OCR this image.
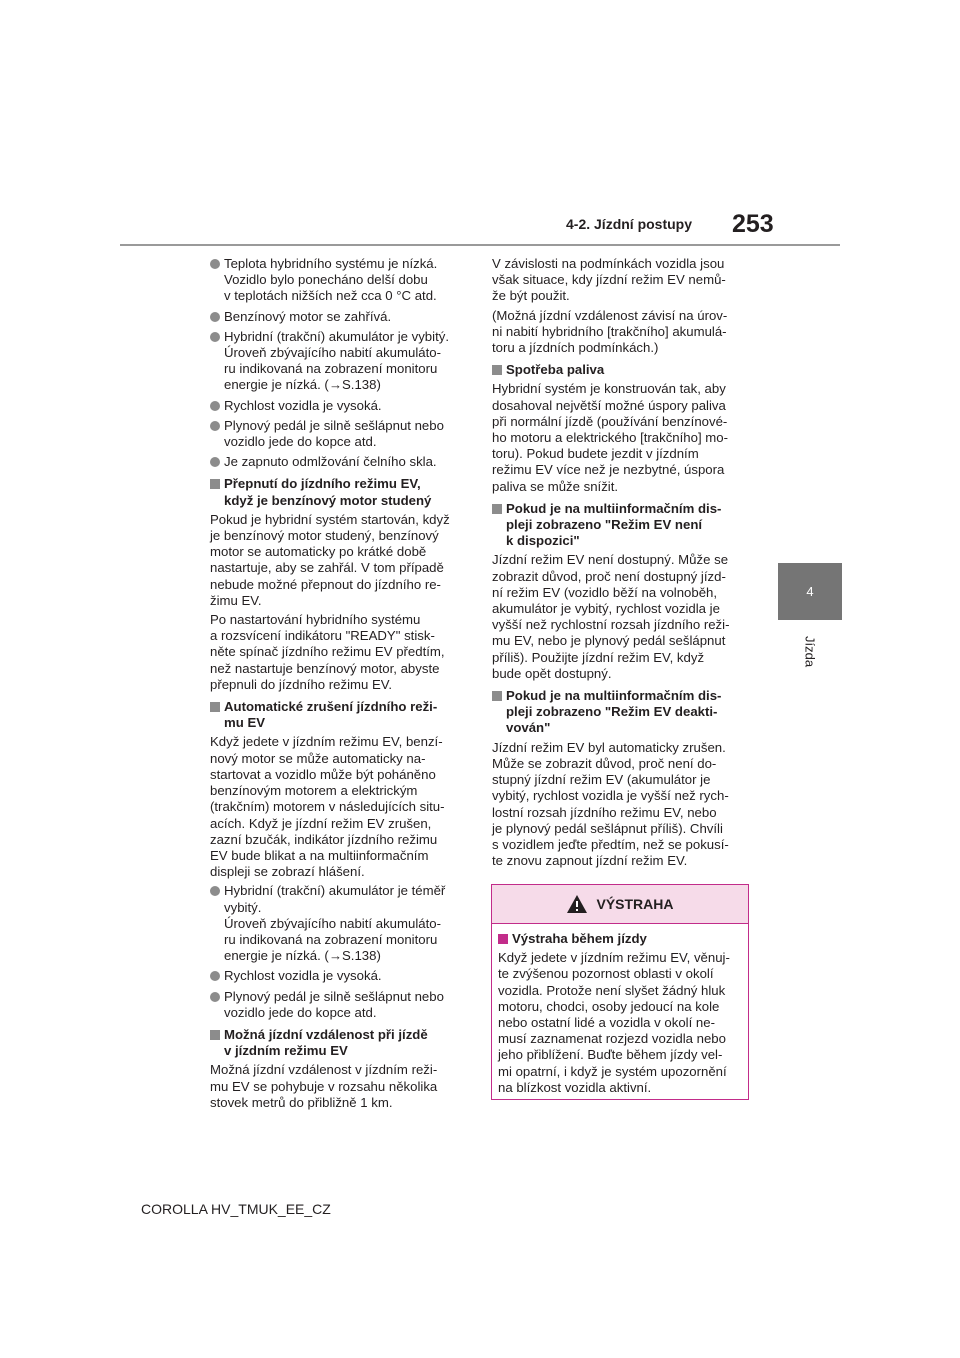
4-2. Jízdní postupy 253
4
Jízda
Teplota hybridního systému je nízká.
Vozidlo bylo ponecháno delší dobu
v teplotách nižších než cca 0 °C atd.
Benzínový motor se zahřívá.
Hybridní (trakční) akumulátor je vybitý.
Úroveň zbývajícího nabití akumuláto-
ru indikovaná na zobrazení monitoru
energie je nízká. (→S.138)
Rychlost vozidla je vysoká.
Plynový pedál je silně sešlápnut nebo
vozidlo jede do kopce atd.
Je zapnuto odmlžování čelního skla.
Přepnutí do jízdního režimu EV,
když je benzínový motor studený
Pokud je hybridní systém startován, když
je benzínový motor studený, benzínový
motor se automaticky po krátké době
nastartuje, aby se zahřál. V tom případě
nebude možné přepnout do jízdního re-
žimu EV.
Po nastartování hybridního systému
a rozsvícení indikátoru "READY" stisk-
něte spínač jízdního režimu EV předtím,
než nastartuje benzínový motor, abyste
přepnuli do jízdního režimu EV.
Automatické zrušení jízdního reži-
mu EV
Když jedete v jízdním režimu EV, benzí-
nový motor se může automaticky na-
startovat a vozidlo může být poháněno
benzínovým motorem a elektrickým
(trakčním) motorem v následujících situ-
acích. Když je jízdní režim EV zrušen,
zazní bzučák, indikátor jízdního režimu
EV bude blikat a na multiinformačním
displeji se zobrazí hlášení.
Hybridní (trakční) akumulátor je téměř
vybitý.
Úroveň zbývajícího nabití akumuláto-
ru indikovaná na zobrazení monitoru
energie je nízká. (→S.138)
Rychlost vozidla je vysoká.
Plynový pedál je silně sešlápnut nebo
vozidlo jede do kopce atd.
Možná jízdní vzdálenost při jízdě
v jízdním režimu EV
Možná jízdní vzdálenost v jízdním reži-
mu EV se pohybuje v rozsahu několika
stovek metrů do přibližně 1 km.
V závislosti na podmínkách vozidla jsou
však situace, kdy jízdní režim EV nemů-
že být použit.
(Možná jízdní vzdálenost závisí na úrov-
ni nabití hybridního [trakčního] akumulá-
toru a jízdních podmínkách.)
Spotřeba paliva
Hybridní systém je konstruován tak, aby
dosahoval největší možné úspory paliva
při normální jízdě (používání benzínové-
ho motoru a elektrického [trakčního] mo-
toru). Pokud budete jezdit v jízdním
režimu EV více než je nezbytné, úspora
paliva se může snížit.
Pokud je na multiinformačním dis-
pleji zobrazeno "Režim EV není
k dispozici"
Jízdní režim EV není dostupný. Může se
zobrazit důvod, proč není dostupný jízd-
ní režim EV (vozidlo běží na volnoběh,
akumulátor je vybitý, rychlost vozidla je
vyšší než rychlostní rozsah jízdního reži-
mu EV, nebo je plynový pedál sešlápnut
příliš). Použijte jízdní režim EV, když
bude opět dostupný.
Pokud je na multiinformačním dis-
pleji zobrazeno "Režim EV deakti-
vován"
Jízdní režim EV byl automaticky zrušen.
Může se zobrazit důvod, proč není do-
stupný jízdní režim EV (akumulátor je
vybitý, rychlost vozidla je vyšší než rych-
lostní rozsah jízdního režimu EV, nebo
je plynový pedál sešlápnut příliš). Chvíli
s vozidlem jeďte předtím, než se pokusí-
te znovu zapnout jízdní režim EV.
VÝSTRAHA
Výstraha během jízdy
Když jedete v jízdním režimu EV, věnuj-
te zvýšenou pozornost oblasti v okolí
vozidla. Protože není slyšet žádný hluk
motoru, chodci, osoby jedoucí na kole
nebo ostatní lidé a vozidla v okolí ne-
musí zaznamenat rozjezd vozidla nebo
jeho přiblížení. Buďte během jízdy vel-
mi opatrní, i když je systém upozornění
na blízkost vozidla aktivní.
COROLLA HV_TMUK_EE_CZ
